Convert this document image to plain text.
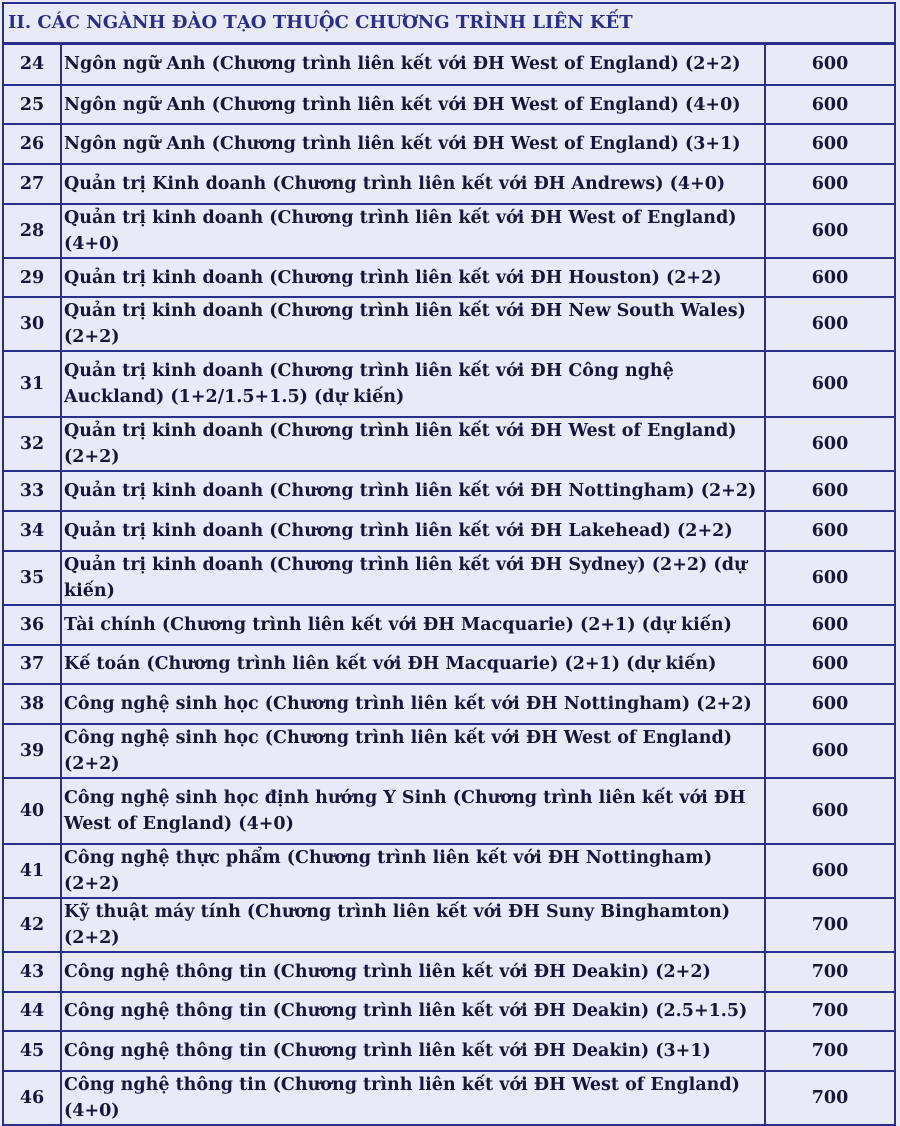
II. CÁC NGÀNH ĐÀO TẠO THUỘC CHƯƠNG TRÌNH LIÊN KẾT
24	Ngôn ngữ Anh (Chương trình liên kết với ĐH West of England) (2+2)	600
25	Ngôn ngữ Anh (Chương trình liên kết với ĐH West of England) (4+0)	600
26	Ngôn ngữ Anh (Chương trình liên kết với ĐH West of England) (3+1)	600
27	Quản trị Kinh doanh (Chương trình liên kết với ĐH Andrews) (4+0)	600
28	Quản trị kinh doanh (Chương trình liên kết với ĐH West of England) (4+0)	600
29	Quản trị kinh doanh (Chương trình liên kết với ĐH Houston) (2+2)	600
30	Quản trị kinh doanh (Chương trình liên kết với ĐH New South Wales) (2+2)	600
31	Quản trị kinh doanh (Chương trình liên kết với ĐH Công nghệ Auckland) (1+2/1.5+1.5) (dự kiến)	600
32	Quản trị kinh doanh (Chương trình liên kết với ĐH West of England) (2+2)	600
33	Quản trị kinh doanh (Chương trình liên kết với ĐH Nottingham) (2+2)	600
34	Quản trị kinh doanh (Chương trình liên kết với ĐH Lakehead) (2+2)	600
35	Quản trị kinh doanh (Chương trình liên kết với ĐH Sydney) (2+2) (dự kiến)	600
36	Tài chính (Chương trình liên kết với ĐH Macquarie) (2+1) (dự kiến)	600
37	Kế toán (Chương trình liên kết với ĐH Macquarie) (2+1) (dự kiến)	600
38	Công nghệ sinh học (Chương trình liên kết với ĐH Nottingham) (2+2)	600
39	Công nghệ sinh học (Chương trình liên kết với ĐH West of England) (2+2)	600
40	Công nghệ sinh học định hướng Y Sinh (Chương trình liên kết với ĐH West of England) (4+0)	600
41	Công nghệ thực phẩm (Chương trình liên kết với ĐH Nottingham) (2+2)	600
42	Kỹ thuật máy tính (Chương trình liên kết với ĐH Suny Binghamton) (2+2)	700
43	Công nghệ thông tin (Chương trình liên kết với ĐH Deakin) (2+2)	700
44	Công nghệ thông tin (Chương trình liên kết với ĐH Deakin) (2.5+1.5)	700
45	Công nghệ thông tin (Chương trình liên kết với ĐH Deakin) (3+1)	700
46	Công nghệ thông tin (Chương trình liên kết với ĐH West of England) (4+0)	700
